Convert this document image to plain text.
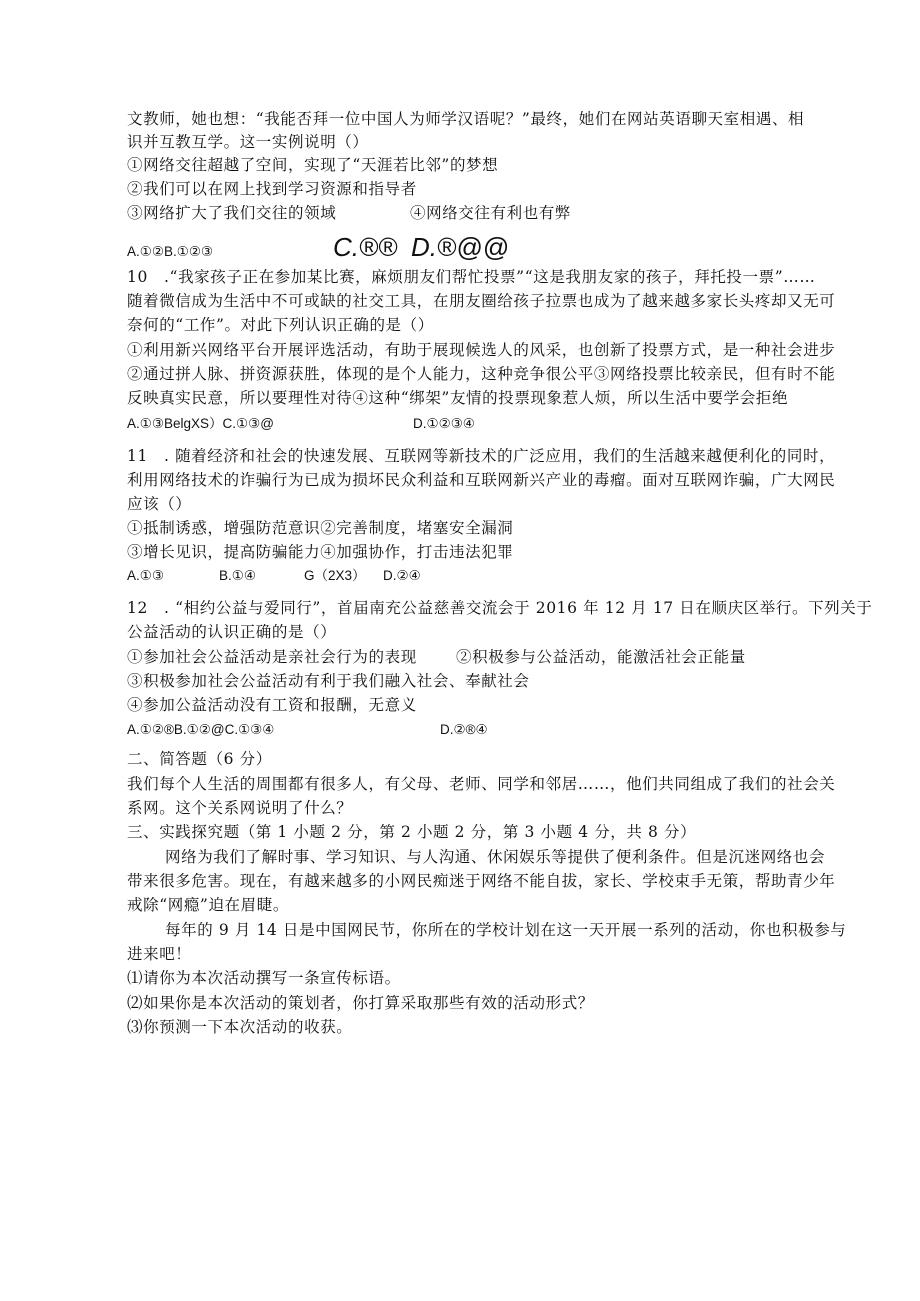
文教师，她也想：“我能否拜一位中国人为师学汉语呢？”最终，她们在网站英语聊天室相遇、相
识并互教互学。这一实例说明（）
①网络交往超越了空间，实现了“天涯若比邻”的梦想
②我们可以在网上找到学习资源和指导者
③网络扩大了我们交往的领域	④网络交往有利也有弊
A.①②B.①②③	C.®® D.®@@
10　.“我家孩子正在参加某比赛，麻烦朋友们帮忙投票”“这是我朋友家的孩子，拜托投一票”……
随着微信成为生活中不可或缺的社交工具，在朋友圈给孩子拉票也成为了越来越多家长头疼却又无可
奈何的“工作”。对此下列认识正确的是（）
①利用新兴网络平台开展评选活动，有助于展现候选人的风采，也创新了投票方式，是一种社会进步
②通过拼人脉、拼资源获胜，体现的是个人能力，这种竞争很公平③网络投票比较亲民，但有时不能
反映真实民意，所以要理性对待④这种“绑架”友情的投票现象惹人烦，所以生活中要学会拒绝
A.①③BelgXS）C.①③@	D.①②③④
11　. 随着经济和社会的快速发展、互联网等新技术的广泛应用，我们的生活越来越便利化的同时，
利用网络技术的诈骗行为已成为损坏民众利益和互联网新兴产业的毒瘤。面对互联网诈骗，广大网民
应该（）
①抵制诱惑，增强防范意识②完善制度，堵塞安全漏洞
③增长见识，提高防骗能力④加强协作，打击违法犯罪
A.①③	B.①④	G（2X3） D.②④
12　. “相约公益与爱同行”，首届南充公益慈善交流会于 2016 年 12 月 17 日在顺庆区举行。下列关于
公益活动的认识正确的是（）
①参加社会公益活动是亲社会行为的表现	②积极参与公益活动，能激活社会正能量
③积极参加社会公益活动有利于我们融入社会、奉献社会
④参加公益活动没有工资和报酬，无意义
A.①②®B.①②@C.①③④	D.②®④
二、简答题（6 分）
我们每个人生活的周围都有很多人，有父母、老师、同学和邻居……，他们共同组成了我们的社会关
系网。这个关系网说明了什么？
三、实践探究题（第 1 小题 2 分，第 2 小题 2 分，第 3 小题 4 分，共 8 分）
网络为我们了解时事、学习知识、与人沟通、休闲娱乐等提供了便利条件。但是沉迷网络也会
带来很多危害。现在，有越来越多的小网民痴迷于网络不能自拔，家长、学校束手无策，帮助青少年
戒除“网瘾”迫在眉睫。
每年的 9 月 14 日是中国网民节，你所在的学校计划在这一天开展一系列的活动，你也积极参与
进来吧！
⑴请你为本次活动撰写一条宣传标语。
⑵如果你是本次活动的策划者，你打算采取那些有效的活动形式？
⑶你预测一下本次活动的收获。
